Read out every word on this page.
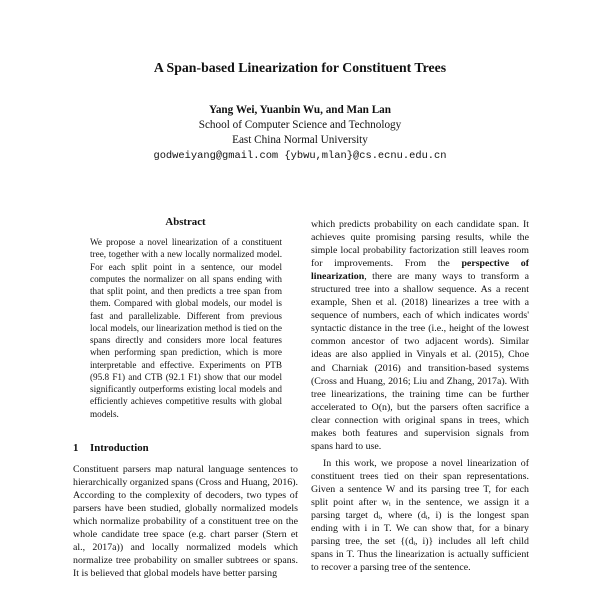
A Span-based Linearization for Constituent Trees
Yang Wei, Yuanbin Wu, and Man Lan
School of Computer Science and Technology
East China Normal University
godweiyang@gmail.com {ybwu,mlan}@cs.ecnu.edu.cn
Abstract
We propose a novel linearization of a constituent tree, together with a new locally normalized model. For each split point in a sentence, our model computes the normalizer on all spans ending with that split point, and then predicts a tree span from them. Compared with global models, our model is fast and parallelizable. Different from previous local models, our linearization method is tied on the spans directly and considers more local features when performing span prediction, which is more interpretable and effective. Experiments on PTB (95.8 F1) and CTB (92.1 F1) show that our model significantly outperforms existing local models and efficiently achieves competitive results with global models.
1 Introduction
Constituent parsers map natural language sentences to hierarchically organized spans (Cross and Huang, 2016). According to the complexity of decoders, two types of parsers have been studied, globally normalized models which normalize probability of a constituent tree on the whole candidate tree space (e.g. chart parser (Stern et al., 2017a)) and locally normalized models which normalize tree probability on smaller subtrees or spans. It is believed that global models have better parsing

which predicts probability on each candidate span. It achieves quite promising parsing results, while the simple local probability factorization still leaves room for improvements. From the perspective of linearization, there are many ways to transform a structured tree into a shallow sequence. As a recent example, Shen et al. (2018) linearizes a tree with a sequence of numbers, each of which indicates words' syntactic distance in the tree (i.e., height of the lowest common ancestor of two adjacent words). Similar ideas are also applied in Vinyals et al. (2015), Choe and Charniak (2016) and transition-based systems (Cross and Huang, 2016; Liu and Zhang, 2017a). With tree linearizations, the training time can be further accelerated to O(n), but the parsers often sacrifice a clear connection with original spans in trees, which makes both features and supervision signals from spans hard to use.

In this work, we propose a novel linearization of constituent trees tied on their span representations. Given a sentence W and its parsing tree T, for each split point after wᵢ in the sentence, we assign it a parsing target dᵢ, where (dᵢ, i) is the longest span ending with i in T. We can show that, for a binary parsing tree, the set {(dᵢ, i)} includes all left child spans in T. Thus the linearization is actually sufficient to recover a parsing tree of the sentence.
